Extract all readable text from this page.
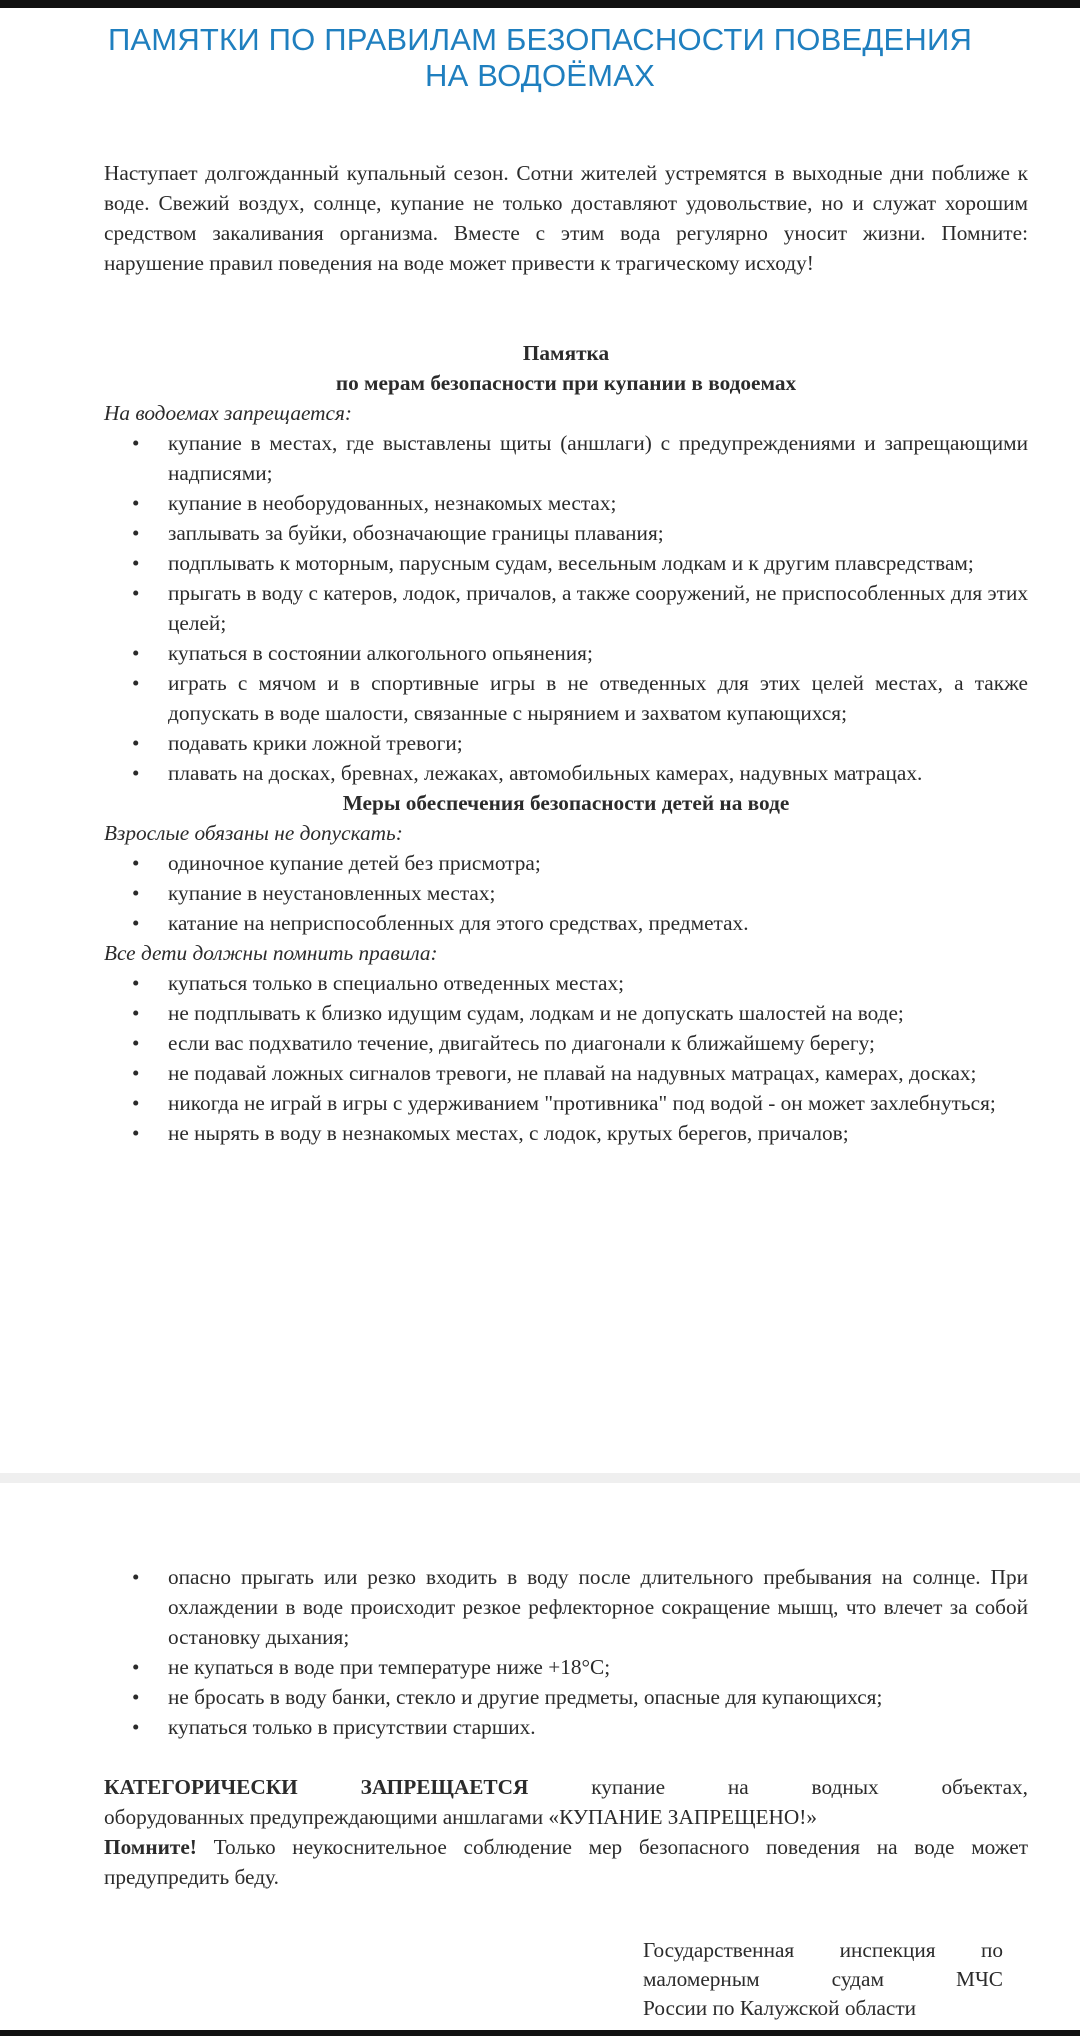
ПАМЯТКИ ПО ПРАВИЛАМ БЕЗОПАСНОСТИ ПОВЕДЕНИЯ
НА ВОДОЁМАХ

Наступает долгожданный купальный сезон. Сотни жителей устремятся в выходные дни поближе к воде. Свежий воздух, солнце, купание не только доставляют удовольствие, но и служат хорошим средством закаливания организма. Вместе с этим вода регулярно уносит жизни. Помните: нарушение правил поведения на воде может привести к трагическому исходу!

Памятка

по мерам безопасности при купании в водоемах

На водоемах запрещается:

• купание в местах, где выставлены щиты (аншлаги) с предупреждениями и запрещающими надписями;
• купание в необорудованных, незнакомых местах;
• заплывать за буйки, обозначающие границы плавания;
• подплывать к моторным, парусным судам, весельным лодкам и к другим плавсредствам;
• прыгать в воду с катеров, лодок, причалов, а также сооружений, не приспособленных для этих целей;
• купаться в состоянии алкогольного опьянения;
• играть с мячом и в спортивные игры в не отведенных для этих целей местах, а также допускать в воде шалости, связанные с нырянием и захватом купающихся;
• подавать крики ложной тревоги;
• плавать на досках, бревнах, лежаках, автомобильных камерах, надувных матрацах.

Меры обеспечения безопасности детей на воде

Взрослые обязаны не допускать:

• одиночное купание детей без присмотра;
• купание в неустановленных местах;
• катание на неприспособленных для этого средствах, предметах.

Все дети должны помнить правила:

• купаться только в специально отведенных местах;
• не подплывать к близко идущим судам, лодкам и не допускать шалостей на воде;
• если вас подхватило течение, двигайтесь по диагонали к ближайшему берегу;
• не подавай ложных сигналов тревоги, не плавай на надувных матрацах, камерах, досках;
• никогда не играй в игры с удерживанием "противника" под водой - он может захлебнуться;
• не нырять в воду в незнакомых местах, с лодок, крутых берегов, причалов;
• опасно прыгать или резко входить в воду после длительного пребывания на солнце. При охлаждении в воде происходит резкое рефлекторное сокращение мышц, что влечет за собой остановку дыхания;
• не купаться в воде при температуре ниже +18°С;
• не бросать в воду банки, стекло и другие предметы, опасные для купающихся;
• купаться только в присутствии старших.

КАТЕГОРИЧЕСКИ ЗАПРЕЩАЕТСЯ	купание на водных объектах,
оборудованных предупреждающими аншлагами «КУПАНИЕ ЗАПРЕЩЕНО!»

Помните! Только неукоснительное соблюдение мер безопасного поведения на воде может предупредить беду.

Государственная инспекция по
маломерным судам МЧС
России по Калужской области
